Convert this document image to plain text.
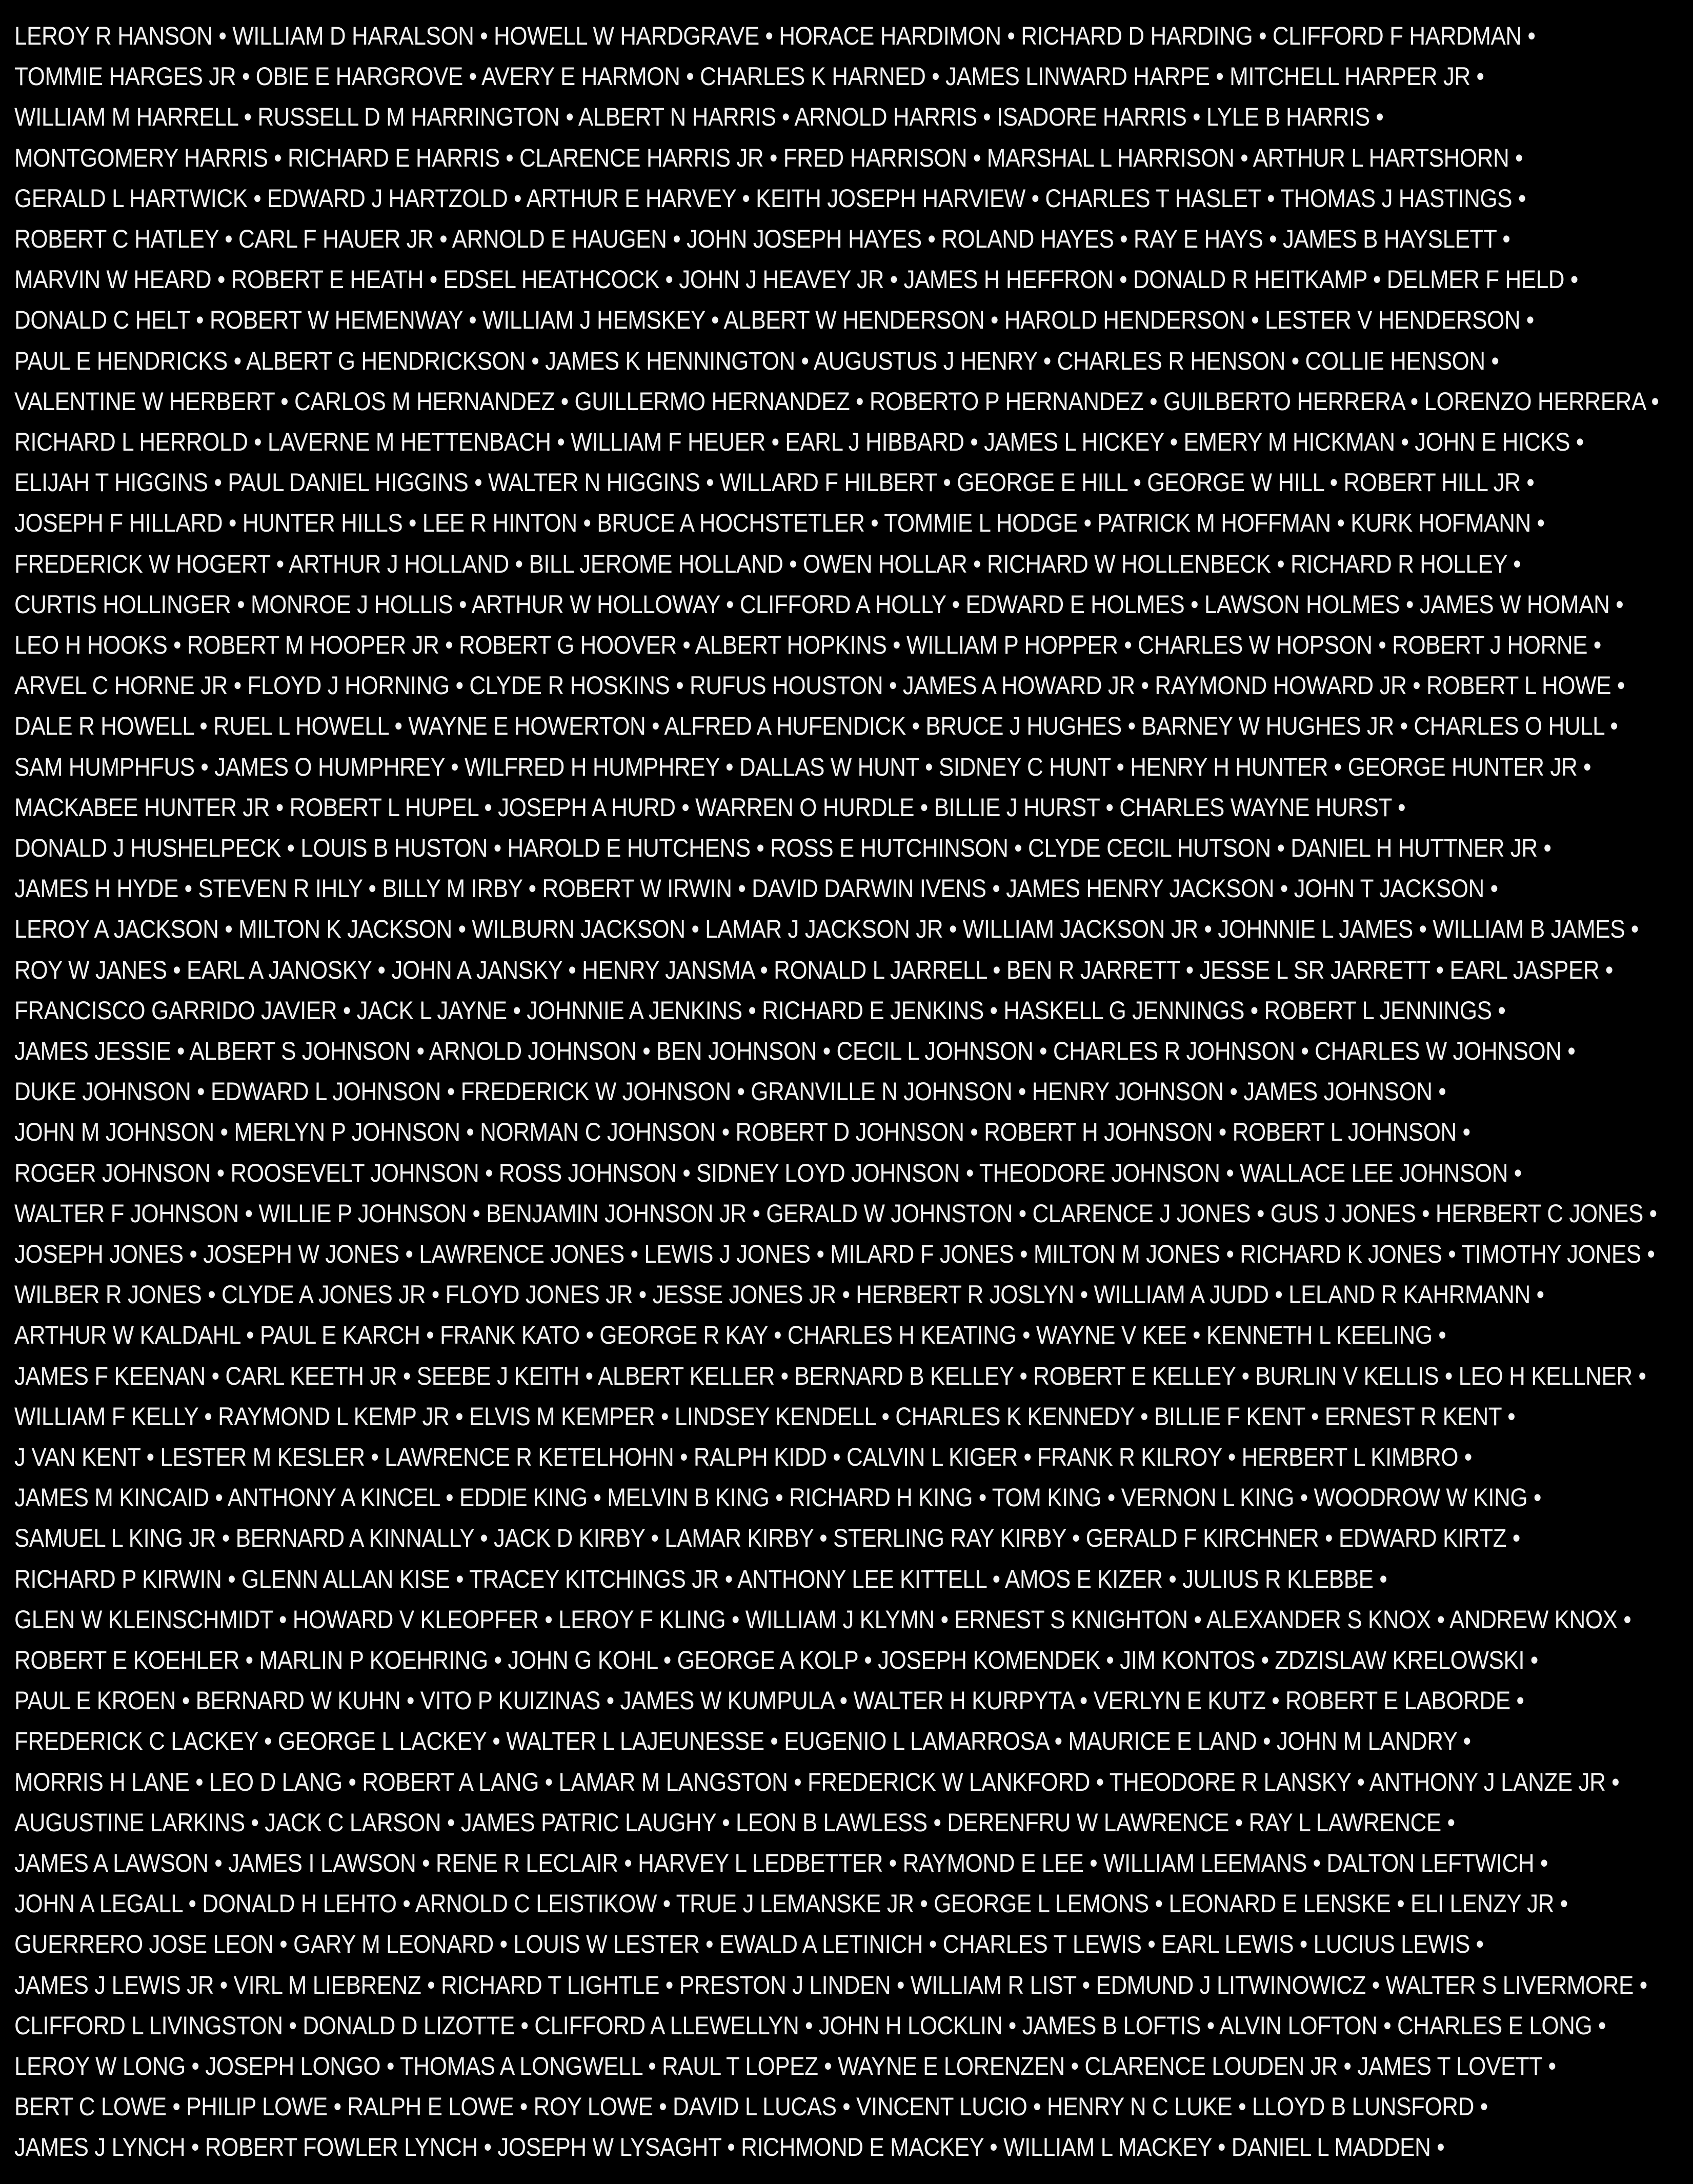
LEROY R HANSON • WILLIAM D HARALSON • HOWELL W HARDGRAVE • HORACE HARDIMON • RICHARD D HARDING • CLIFFORD F HARDMAN •
TOMMIE HARGES JR • OBIE E HARGROVE • AVERY E HARMON • CHARLES K HARNED • JAMES LINWARD HARPE • MITCHELL HARPER JR •
WILLIAM M HARRELL • RUSSELL D M HARRINGTON • ALBERT N HARRIS • ARNOLD HARRIS • ISADORE HARRIS • LYLE B HARRIS •
MONTGOMERY HARRIS • RICHARD E HARRIS • CLARENCE HARRIS JR • FRED HARRISON • MARSHAL L HARRISON • ARTHUR L HARTSHORN •
GERALD L HARTWICK • EDWARD J HARTZOLD • ARTHUR E HARVEY • KEITH JOSEPH HARVIEW • CHARLES T HASLET • THOMAS J HASTINGS •
ROBERT C HATLEY • CARL F HAUER JR • ARNOLD E HAUGEN • JOHN JOSEPH HAYES • ROLAND HAYES • RAY E HAYS • JAMES B HAYSLETT •
MARVIN W HEARD • ROBERT E HEATH • EDSEL HEATHCOCK • JOHN J HEAVEY JR • JAMES H HEFFRON • DONALD R HEITKAMP • DELMER F HELD •
DONALD C HELT • ROBERT W HEMENWAY • WILLIAM J HEMSKEY • ALBERT W HENDERSON • HAROLD HENDERSON • LESTER V HENDERSON •
PAUL E HENDRICKS • ALBERT G HENDRICKSON • JAMES K HENNINGTON • AUGUSTUS J HENRY • CHARLES R HENSON • COLLIE HENSON •
VALENTINE W HERBERT • CARLOS M HERNANDEZ • GUILLERMO HERNANDEZ • ROBERTO P HERNANDEZ • GUILBERTO HERRERA • LORENZO HERRERA •
RICHARD L HERROLD • LAVERNE M HETTENBACH • WILLIAM F HEUER • EARL J HIBBARD • JAMES L HICKEY • EMERY M HICKMAN • JOHN E HICKS •
ELIJAH T HIGGINS • PAUL DANIEL HIGGINS • WALTER N HIGGINS • WILLARD F HILBERT • GEORGE E HILL • GEORGE W HILL • ROBERT HILL JR •
JOSEPH F HILLARD • HUNTER HILLS • LEE R HINTON • BRUCE A HOCHSTETLER • TOMMIE L HODGE • PATRICK M HOFFMAN • KURK HOFMANN •
FREDERICK W HOGERT • ARTHUR J HOLLAND • BILL JEROME HOLLAND • OWEN HOLLAR • RICHARD W HOLLENBECK • RICHARD R HOLLEY •
CURTIS HOLLINGER • MONROE J HOLLIS • ARTHUR W HOLLOWAY • CLIFFORD A HOLLY • EDWARD E HOLMES • LAWSON HOLMES • JAMES W HOMAN •
LEO H HOOKS • ROBERT M HOOPER JR • ROBERT G HOOVER • ALBERT HOPKINS • WILLIAM P HOPPER • CHARLES W HOPSON • ROBERT J HORNE •
ARVEL C HORNE JR • FLOYD J HORNING • CLYDE R HOSKINS • RUFUS HOUSTON • JAMES A HOWARD JR • RAYMOND HOWARD JR • ROBERT L HOWE •
DALE R HOWELL • RUEL L HOWELL • WAYNE E HOWERTON • ALFRED A HUFENDICK • BRUCE J HUGHES • BARNEY W HUGHES JR • CHARLES O HULL •
SAM HUMPHFUS • JAMES O HUMPHREY • WILFRED H HUMPHREY • DALLAS W HUNT • SIDNEY C HUNT • HENRY H HUNTER • GEORGE HUNTER JR •
MACKABEE HUNTER JR • ROBERT L HUPEL • JOSEPH A HURD • WARREN O HURDLE • BILLIE J HURST • CHARLES WAYNE HURST •
DONALD J HUSHELPECK • LOUIS B HUSTON • HAROLD E HUTCHENS • ROSS E HUTCHINSON • CLYDE CECIL HUTSON • DANIEL H HUTTNER JR •
JAMES H HYDE • STEVEN R IHLY • BILLY M IRBY • ROBERT W IRWIN • DAVID DARWIN IVENS • JAMES HENRY JACKSON • JOHN T JACKSON •
LEROY A JACKSON • MILTON K JACKSON • WILBURN JACKSON • LAMAR J JACKSON JR • WILLIAM JACKSON JR • JOHNNIE L JAMES • WILLIAM B JAMES •
ROY W JANES • EARL A JANOSKY • JOHN A JANSKY • HENRY JANSMA • RONALD L JARRELL • BEN R JARRETT • JESSE L SR JARRETT • EARL JASPER •
FRANCISCO GARRIDO JAVIER • JACK L JAYNE • JOHNNIE A JENKINS • RICHARD E JENKINS • HASKELL G JENNINGS • ROBERT L JENNINGS •
JAMES JESSIE • ALBERT S JOHNSON • ARNOLD JOHNSON • BEN JOHNSON • CECIL L JOHNSON • CHARLES R JOHNSON • CHARLES W JOHNSON •
DUKE JOHNSON • EDWARD L JOHNSON • FREDERICK W JOHNSON • GRANVILLE N JOHNSON • HENRY JOHNSON • JAMES JOHNSON •
JOHN M JOHNSON • MERLYN P JOHNSON • NORMAN C JOHNSON • ROBERT D JOHNSON • ROBERT H JOHNSON • ROBERT L JOHNSON •
ROGER JOHNSON • ROOSEVELT JOHNSON • ROSS JOHNSON • SIDNEY LOYD JOHNSON • THEODORE JOHNSON • WALLACE LEE JOHNSON •
WALTER F JOHNSON • WILLIE P JOHNSON • BENJAMIN JOHNSON JR • GERALD W JOHNSTON • CLARENCE J JONES • GUS J JONES • HERBERT C JONES •
JOSEPH JONES • JOSEPH W JONES • LAWRENCE JONES • LEWIS J JONES • MILARD F JONES • MILTON M JONES • RICHARD K JONES • TIMOTHY JONES •
WILBER R JONES • CLYDE A JONES JR • FLOYD JONES JR • JESSE JONES JR • HERBERT R JOSLYN • WILLIAM A JUDD • LELAND R KAHRMANN •
ARTHUR W KALDAHL • PAUL E KARCH • FRANK KATO • GEORGE R KAY • CHARLES H KEATING • WAYNE V KEE • KENNETH L KEELING •
JAMES F KEENAN • CARL KEETH JR • SEEBE J KEITH • ALBERT KELLER • BERNARD B KELLEY • ROBERT E KELLEY • BURLIN V KELLIS • LEO H KELLNER •
WILLIAM F KELLY • RAYMOND L KEMP JR • ELVIS M KEMPER • LINDSEY KENDELL • CHARLES K KENNEDY • BILLIE F KENT • ERNEST R KENT •
J VAN KENT • LESTER M KESLER • LAWRENCE R KETELHOHN • RALPH KIDD • CALVIN L KIGER • FRANK R KILROY • HERBERT L KIMBRO •
JAMES M KINCAID • ANTHONY A KINCEL • EDDIE KING • MELVIN B KING • RICHARD H KING • TOM KING • VERNON L KING • WOODROW W KING •
SAMUEL L KING JR • BERNARD A KINNALLY • JACK D KIRBY • LAMAR KIRBY • STERLING RAY KIRBY • GERALD F KIRCHNER • EDWARD KIRTZ •
RICHARD P KIRWIN • GLENN ALLAN KISE • TRACEY KITCHINGS JR • ANTHONY LEE KITTELL • AMOS E KIZER • JULIUS R KLEBBE •
GLEN W KLEINSCHMIDT • HOWARD V KLEOPFER • LEROY F KLING • WILLIAM J KLYMN • ERNEST S KNIGHTON • ALEXANDER S KNOX • ANDREW KNOX •
ROBERT E KOEHLER • MARLIN P KOEHRING • JOHN G KOHL • GEORGE A KOLP • JOSEPH KOMENDEK • JIM KONTOS • ZDZISLAW KRELOWSKI •
PAUL E KROEN • BERNARD W KUHN • VITO P KUIZINAS • JAMES W KUMPULA • WALTER H KURPYTA • VERLYN E KUTZ • ROBERT E LABORDE •
FREDERICK C LACKEY • GEORGE L LACKEY • WALTER L LAJEUNESSE • EUGENIO L LAMARROSA • MAURICE E LAND • JOHN M LANDRY •
MORRIS H LANE • LEO D LANG • ROBERT A LANG • LAMAR M LANGSTON • FREDERICK W LANKFORD • THEODORE R LANSKY • ANTHONY J LANZE JR •
AUGUSTINE LARKINS • JACK C LARSON • JAMES PATRIC LAUGHY • LEON B LAWLESS • DERENFRU W LAWRENCE • RAY L LAWRENCE •
JAMES A LAWSON • JAMES I LAWSON • RENE R LECLAIR • HARVEY L LEDBETTER • RAYMOND E LEE • WILLIAM LEEMANS • DALTON LEFTWICH •
JOHN A LEGALL • DONALD H LEHTO • ARNOLD C LEISTIKOW • TRUE J LEMANSKE JR • GEORGE L LEMONS • LEONARD E LENSKE • ELI LENZY JR •
GUERRERO JOSE LEON • GARY M LEONARD • LOUIS W LESTER • EWALD A LETINICH • CHARLES T LEWIS • EARL LEWIS • LUCIUS LEWIS •
JAMES J LEWIS JR • VIRL M LIEBRENZ • RICHARD T LIGHTLE • PRESTON J LINDEN • WILLIAM R LIST • EDMUND J LITWINOWICZ • WALTER S LIVERMORE •
CLIFFORD L LIVINGSTON • DONALD D LIZOTTE • CLIFFORD A LLEWELLYN • JOHN H LOCKLIN • JAMES B LOFTIS • ALVIN LOFTON • CHARLES E LONG •
LEROY W LONG • JOSEPH LONGO • THOMAS A LONGWELL • RAUL T LOPEZ • WAYNE E LORENZEN • CLARENCE LOUDEN JR • JAMES T LOVETT •
BERT C LOWE • PHILIP LOWE • RALPH E LOWE • ROY LOWE • DAVID L LUCAS • VINCENT LUCIO • HENRY N C LUKE • LLOYD B LUNSFORD •
JAMES J LYNCH • ROBERT FOWLER LYNCH • JOSEPH W LYSAGHT • RICHMOND E MACKEY • WILLIAM L MACKEY • DANIEL L MADDEN •
